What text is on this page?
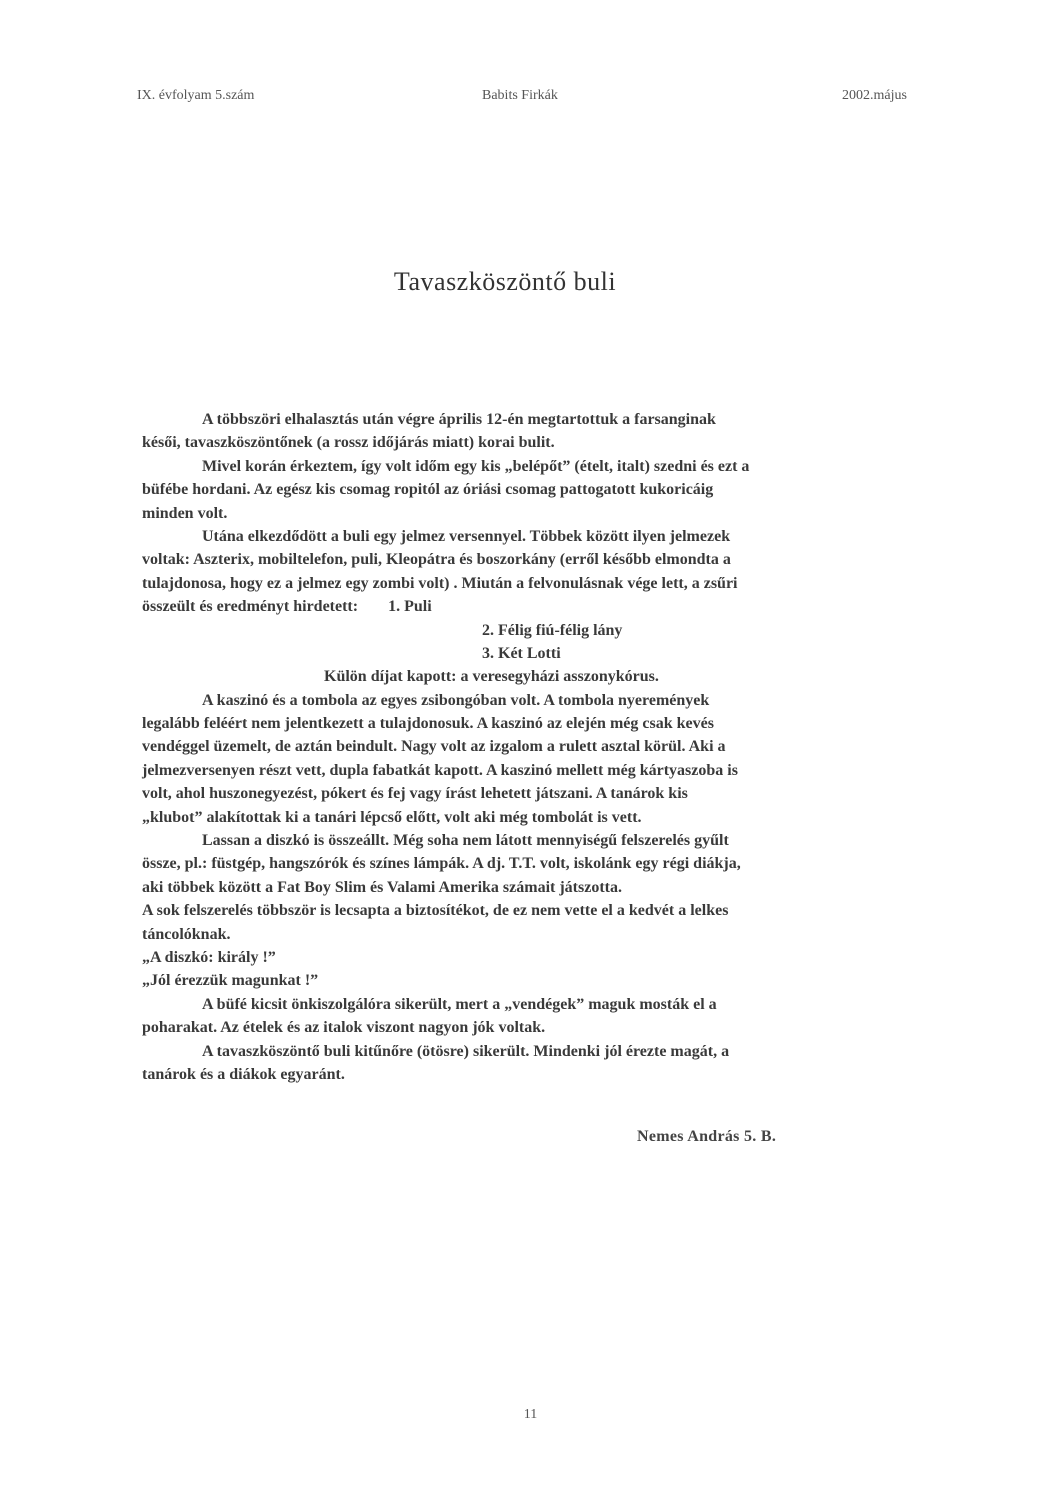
IX. évfolyam 5.szám	Babits Firkák	2002.május
Tavaszköszöntő buli
A többszöri elhalasztás után végre április 12-én megtartottuk a farsanginak
késői, tavaszköszöntőnek (a rossz időjárás miatt) korai bulit.
Mivel korán érkeztem, így volt időm egy kis „belépőt” (ételt, italt) szedni és ezt a
büfébe hordani. Az egész kis csomag ropitól az óriási csomag pattogatott kukoricáig
minden volt.
Utána elkezdődött a buli egy jelmez versennyel. Többek között ilyen jelmezek
voltak: Aszterix, mobiltelefon, puli, Kleopátra és boszorkány (erről később elmondta a
tulajdonosa, hogy ez a jelmez egy zombi volt) . Miután a felvonulásnak vége lett, a zsűri
összeült és eredményt hirdetett: 1. Puli
2. Félig fiú-félig lány
3. Két Lotti
Külön díjat kapott: a veresegyházi asszonykórus.
A kaszinó és a tombola az egyes zsibongóban volt. A tombola nyeremények
legalább feléért nem jelentkezett a tulajdonosuk. A kaszinó az elején még csak kevés
vendéggel üzemelt, de aztán beindult. Nagy volt az izgalom a rulett asztal körül. Aki a
jelmezversenyen részt vett, dupla fabatkát kapott. A kaszinó mellett még kártyaszoba is
volt, ahol huszonegyezést, pókert és fej vagy írást lehetett játszani. A tanárok kis
„klubot” alakítottak ki a tanári lépcső előtt, volt aki még tombolát is vett.
Lassan a diszkó is összeállt. Még soha nem látott mennyiségű felszerelés gyűlt
össze, pl.: füstgép, hangszórók és színes lámpák. A dj. T.T. volt, iskolánk egy régi diákja,
aki többek között a Fat Boy Slim és Valami Amerika számait játszotta.
A sok felszerelés többször is lecsapta a biztosítékot, de ez nem vette el a kedvét a lelkes
táncolóknak.
„A diszkó: király !”
„Jól érezzük magunkat !”
A büfé kicsit önkiszolgálóra sikerült, mert a „vendégek” maguk mosták el a
poharakat. Az ételek és az italok viszont nagyon jók voltak.
A tavaszköszöntő buli kitűnőre (ötösre) sikerült. Mindenki jól érezte magát, a
tanárok és a diákok egyaránt.
Nemes András 5. B.
11
